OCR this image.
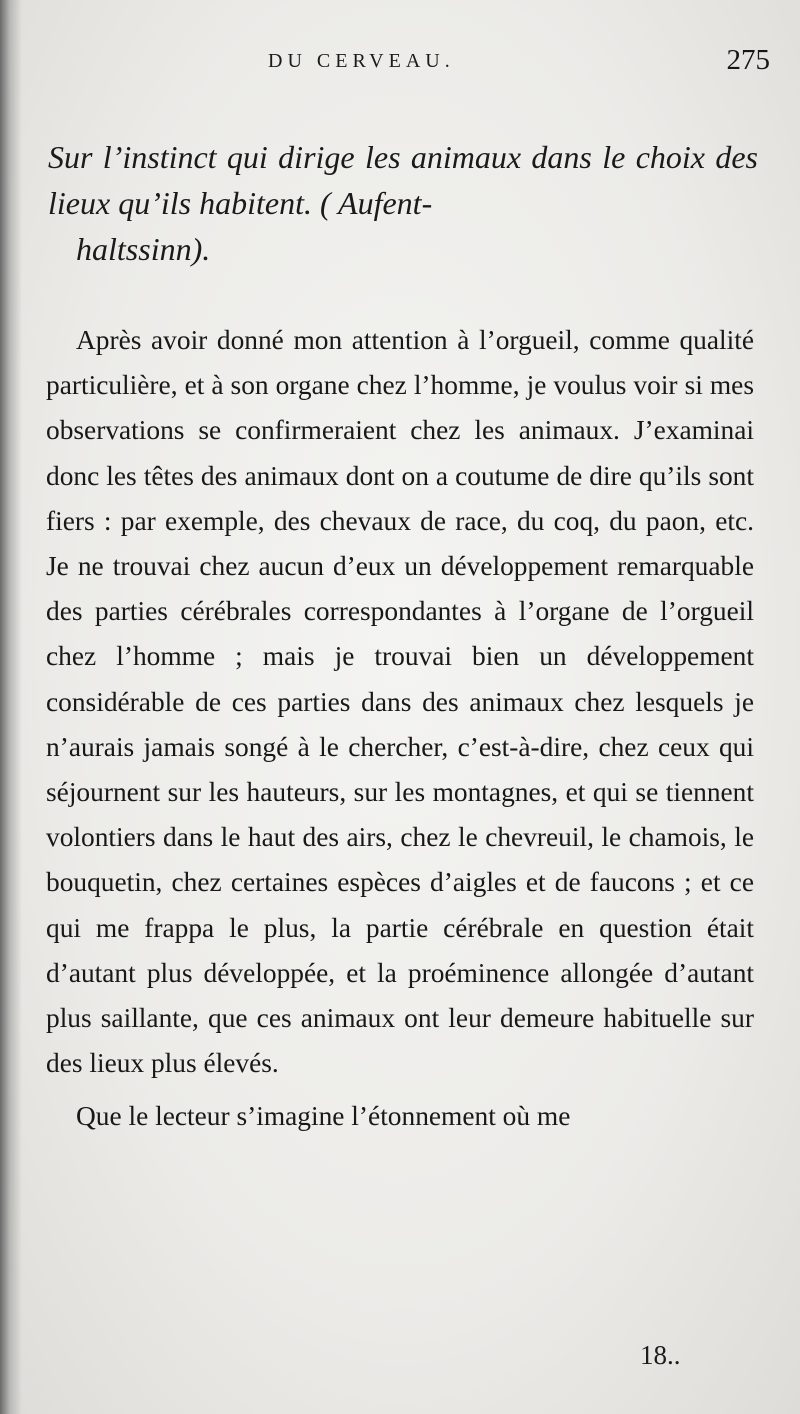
DU CERVEAU.	275
Sur l’instinct qui dirige les animaux dans le choix des lieux qu’ils habitent. ( Aufent-
haltssinn).

Après avoir donné mon attention à l’orgueil, comme qualité particulière, et à son organe chez l’homme, je voulus voir si mes observations se confirmeraient chez les animaux. J’examinai donc les têtes des animaux dont on a coutume de dire qu’ils sont fiers : par exemple, des chevaux de race, du coq, du paon, etc. Je ne trouvai chez aucun d’eux un développement remarquable des parties cérébrales correspondantes à l’organe de l’orgueil chez l’homme ; mais je trouvai bien un développement considérable de ces parties dans des animaux chez lesquels je n’aurais jamais songé à le chercher, c’est-à-dire, chez ceux qui séjournent sur les hauteurs, sur les montagnes, et qui se tiennent volontiers dans le haut des airs, chez le chevreuil, le chamois, le bouquetin, chez certaines espèces d’aigles et de faucons ; et ce qui me frappa le plus, la partie cérébrale en question était d’autant plus développée, et la proéminence allongée d’autant plus saillante, que ces animaux ont leur demeure habituelle sur des lieux plus élevés.

Que le lecteur s’imagine l’étonnement où me

18..
